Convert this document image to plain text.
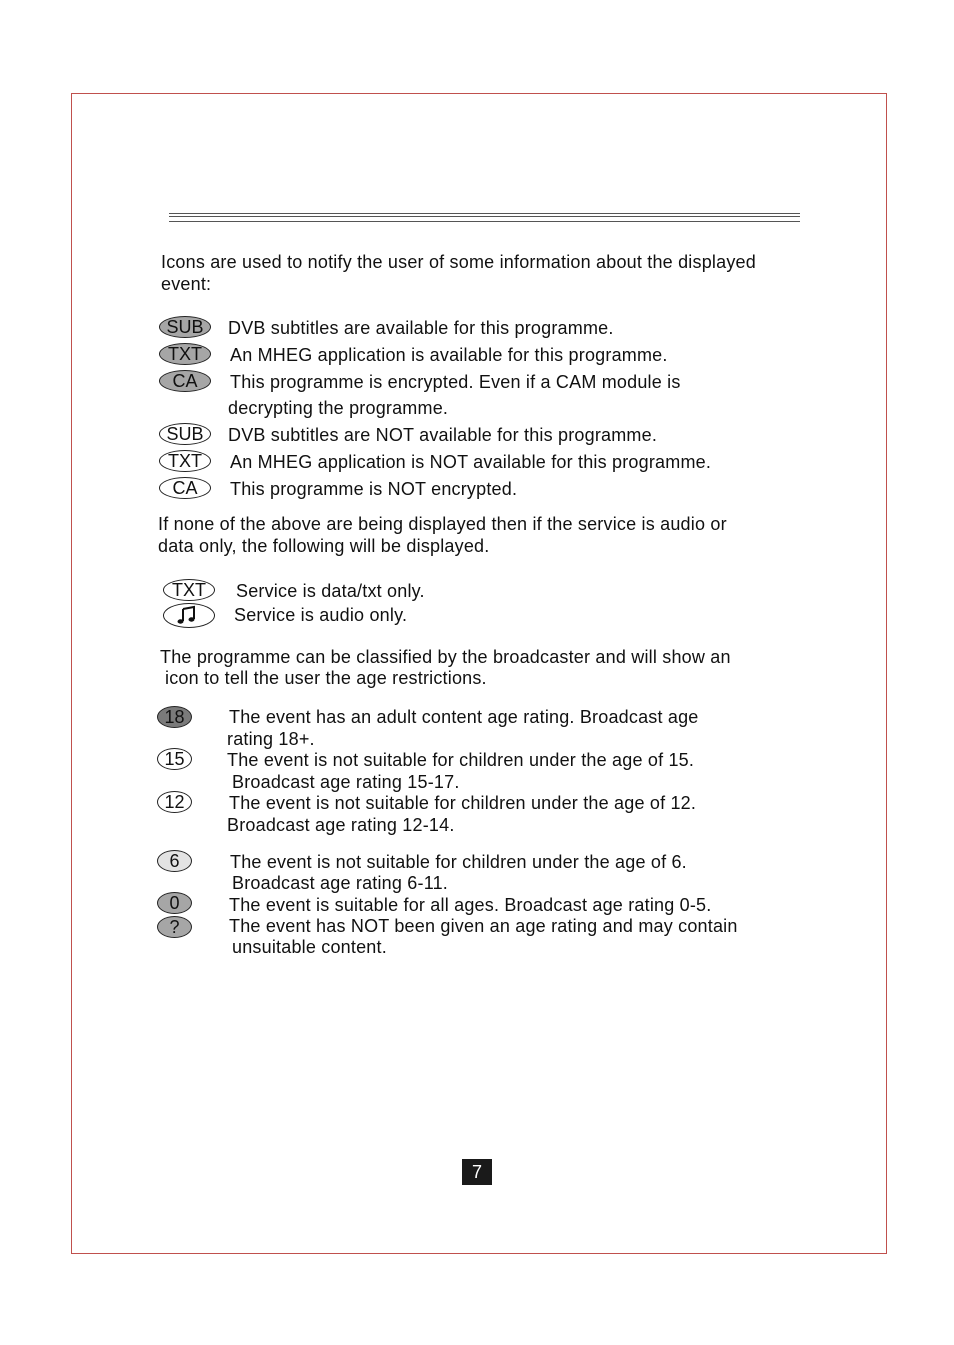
Icons are used to notify the user of some information about the displayed
event:
SUB	DVB subtitles are available for this programme.
TXT	An MHEG application is available for this programme.
CA	This programme is encrypted. Even if a CAM module is
decrypting the programme.
SUB	DVB subtitles are NOT available for this programme.
TXT	An MHEG application is NOT available for this programme.
CA	This programme is NOT encrypted.
If none of the above are being displayed then if the service is audio or
data only, the following will be displayed.
TXT	Service is data/txt only.
Service is audio only.
The programme can be classified by the broadcaster and will show an
icon to tell the user the age restrictions.
18	The event has an adult content age rating. Broadcast age
rating 18+.
15	The event is not suitable for children under the age of 15.
Broadcast age rating 15-17.
12	The event is not suitable for children under the age of 12.
Broadcast age rating 12-14.
6	The event is not suitable for children under the age of 6.
Broadcast age rating 6-11.
0	The event is suitable for all ages. Broadcast age rating 0-5.
?	The event has NOT been given an age rating and may contain
unsuitable content.
7
